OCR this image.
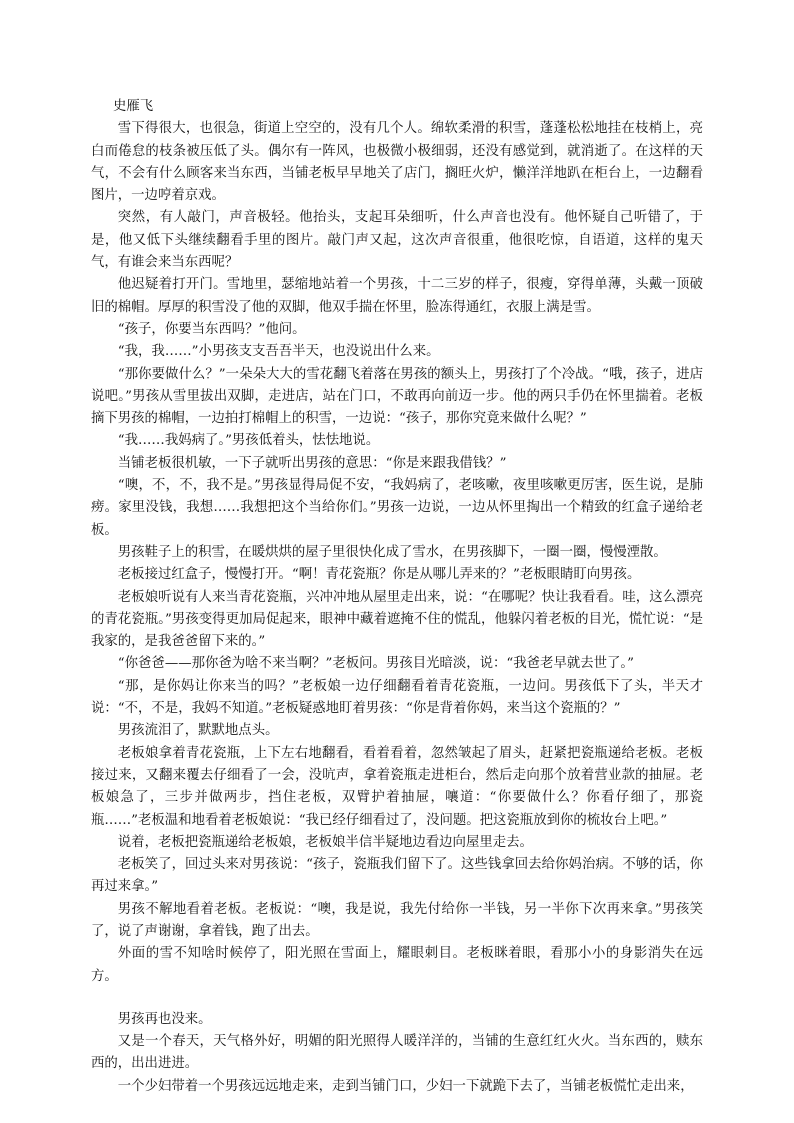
史雁飞

雪下得很大，也很急，街道上空空的，没有几个人。绵软柔滑的积雪，蓬蓬松松地挂在枝梢上，亮白而倦怠的枝条被压低了头。偶尔有一阵风，也极微小极细弱，还没有感觉到，就消逝了。在这样的天气，不会有什么顾客来当东西，当铺老板早早地关了店门，搁旺火炉，懒洋洋地趴在柜台上，一边翻看图片，一边哼着京戏。

突然，有人敲门，声音极轻。他抬头，支起耳朵细听，什么声音也没有。他怀疑自己听错了，于是，他又低下头继续翻看手里的图片。敲门声又起，这次声音很重，他很吃惊，自语道，这样的鬼天气，有谁会来当东西呢？

他迟疑着打开门。雪地里，瑟缩地站着一个男孩，十二三岁的样子，很瘦，穿得单薄，头戴一顶破旧的棉帽。厚厚的积雪没了他的双脚，他双手揣在怀里，脸冻得通红，衣服上满是雪。

“孩子，你要当东西吗？”他问。

“我，我……”小男孩支支吾吾半天，也没说出什么来。

“那你要做什么？”一朵朵大大的雪花翻飞着落在男孩的额头上，男孩打了个冷战。“哦，孩子，进店说吧。”男孩从雪里拔出双脚，走进店，站在门口，不敢再向前迈一步。他的两只手仍在怀里揣着。老板摘下男孩的棉帽，一边拍打棉帽上的积雪，一边说：“孩子，那你究竟来做什么呢？”

“我……我妈病了。”男孩低着头，怯怯地说。

当铺老板很机敏，一下子就听出男孩的意思：“你是来跟我借钱？”

“噢，不，不，我不是。”男孩显得局促不安，“我妈病了，老咳嗽，夜里咳嗽更厉害，医生说，是肺痨。家里没钱，我想……我想把这个当给你们。”男孩一边说，一边从怀里掏出一个精致的红盒子递给老板。

男孩鞋子上的积雪，在暖烘烘的屋子里很快化成了雪水，在男孩脚下，一圈一圈，慢慢湮散。

老板接过红盒子，慢慢打开。“啊！青花瓷瓶？你是从哪儿弄来的？”老板眼睛盯向男孩。

老板娘听说有人来当青花瓷瓶，兴冲冲地从屋里走出来，说：“在哪呢？快让我看看。哇，这么漂亮的青花瓷瓶。”男孩变得更加局促起来，眼神中藏着遮掩不住的慌乱，他躲闪着老板的目光，慌忙说：“是我家的，是我爸爸留下来的。”

“你爸爸——那你爸为啥不来当啊？”老板问。男孩目光暗淡，说：“我爸老早就去世了。”

“那，是你妈让你来当的吗？”老板娘一边仔细翻看着青花瓷瓶，一边问。男孩低下了头，半天才说：“不，不是，我妈不知道。”老板疑惑地盯着男孩：“你是背着你妈，来当这个瓷瓶的？”

男孩流泪了，默默地点头。

老板娘拿着青花瓷瓶，上下左右地翻看，看着看着，忽然皱起了眉头，赶紧把瓷瓶递给老板。老板接过来，又翻来覆去仔细看了一会，没吭声，拿着瓷瓶走进柜台，然后走向那个放着营业款的抽屉。老板娘急了，三步并做两步，挡住老板，双臂护着抽屉，嚷道：“你要做什么？你看仔细了，那瓷瓶……”老板温和地看着老板娘说：“我已经仔细看过了，没问题。把这瓷瓶放到你的梳妆台上吧。”

说着，老板把瓷瓶递给老板娘，老板娘半信半疑地边看边向屋里走去。

老板笑了，回过头来对男孩说：“孩子，瓷瓶我们留下了。这些钱拿回去给你妈治病。不够的话，你再过来拿。”

男孩不解地看着老板。老板说：“噢，我是说，我先付给你一半钱，另一半你下次再来拿。”男孩笑了，说了声谢谢，拿着钱，跑了出去。

外面的雪不知啥时候停了，阳光照在雪面上，耀眼刺目。老板眯着眼，看那小小的身影消失在远方。

男孩再也没来。

又是一个春天，天气格外好，明媚的阳光照得人暖洋洋的，当铺的生意红红火火。当东西的，赎东西的，出出进进。

一个少妇带着一个男孩远远地走来，走到当铺门口，少妇一下就跪下去了，当铺老板慌忙走出来，
